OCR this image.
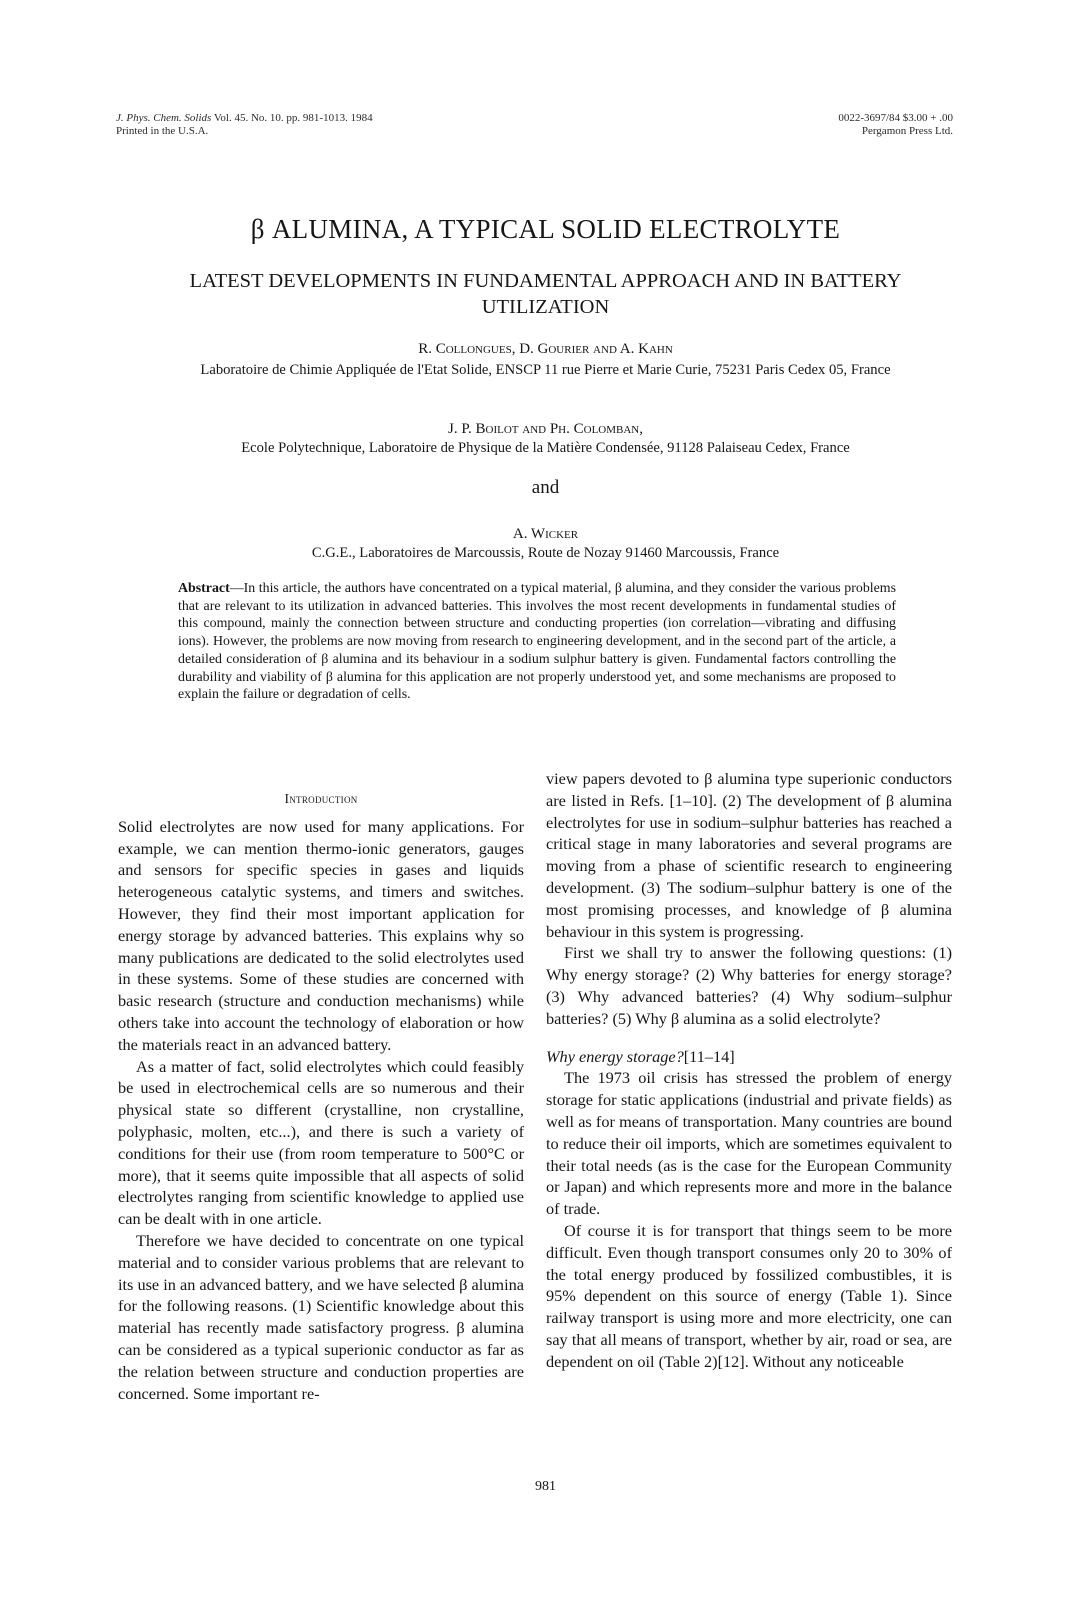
J. Phys. Chem. Solids Vol. 45. No. 10. pp. 981-1013. 1984
Printed in the U.S.A.
0022-3697/84 $3.00 + .00
Pergamon Press Ltd.
β ALUMINA, A TYPICAL SOLID ELECTROLYTE
LATEST DEVELOPMENTS IN FUNDAMENTAL APPROACH AND IN BATTERY UTILIZATION
R. Collongues, D. Gourier and A. Kahn
Laboratoire de Chimie Appliquée de l'Etat Solide, ENSCP 11 rue Pierre et Marie Curie, 75231 Paris Cedex 05, France
J. P. Boilot and Ph. Colomban,
Ecole Polytechnique, Laboratoire de Physique de la Matière Condensée, 91128 Palaiseau Cedex, France
and
A. Wicker
C.G.E., Laboratoires de Marcoussis, Route de Nozay 91460 Marcoussis, France
Abstract—In this article, the authors have concentrated on a typical material, β alumina, and they consider the various problems that are relevant to its utilization in advanced batteries. This involves the most recent developments in fundamental studies of this compound, mainly the connection between structure and conducting properties (ion correlation—vibrating and diffusing ions). However, the problems are now moving from research to engineering development, and in the second part of the article, a detailed consideration of β alumina and its behaviour in a sodium sulphur battery is given. Fundamental factors controlling the durability and viability of β alumina for this application are not properly understood yet, and some mechanisms are proposed to explain the failure or degradation of cells.
Introduction

Solid electrolytes are now used for many applications. For example, we can mention thermo-ionic generators, gauges and sensors for specific species in gases and liquids heterogeneous catalytic systems, and timers and switches. However, they find their most important application for energy storage by advanced batteries. This explains why so many publications are dedicated to the solid electrolytes used in these systems. Some of these studies are concerned with basic research (structure and conduction mechanisms) while others take into account the technology of elaboration or how the materials react in an advanced battery.

As a matter of fact, solid electrolytes which could feasibly be used in electrochemical cells are so numerous and their physical state so different (crystalline, non crystalline, polyphasic, molten, etc...), and there is such a variety of conditions for their use (from room temperature to 500°C or more), that it seems quite impossible that all aspects of solid electrolytes ranging from scientific knowledge to applied use can be dealt with in one article.

Therefore we have decided to concentrate on one typical material and to consider various problems that are relevant to its use in an advanced battery, and we have selected β alumina for the following reasons. (1) Scientific knowledge about this material has recently made satisfactory progress. β alumina can be considered as a typical superionic conductor as far as the relation between structure and conduction properties are concerned. Some important re-

view papers devoted to β alumina type superionic conductors are listed in Refs. [1–10]. (2) The development of β alumina electrolytes for use in sodium–sulphur batteries has reached a critical stage in many laboratories and several programs are moving from a phase of scientific research to engineering development. (3) The sodium–sulphur battery is one of the most promising processes, and knowledge of β alumina behaviour in this system is progressing.

First we shall try to answer the following questions: (1) Why energy storage? (2) Why batteries for energy storage? (3) Why advanced batteries? (4) Why sodium–sulphur batteries? (5) Why β alumina as a solid electrolyte?

Why energy storage?[11–14]

The 1973 oil crisis has stressed the problem of energy storage for static applications (industrial and private fields) as well as for means of transportation. Many countries are bound to reduce their oil imports, which are sometimes equivalent to their total needs (as is the case for the European Community or Japan) and which represents more and more in the balance of trade.

Of course it is for transport that things seem to be more difficult. Even though transport consumes only 20 to 30% of the total energy produced by fossilized combustibles, it is 95% dependent on this source of energy (Table 1). Since railway transport is using more and more electricity, one can say that all means of transport, whether by air, road or sea, are dependent on oil (Table 2)[12]. Without any noticeable

981
